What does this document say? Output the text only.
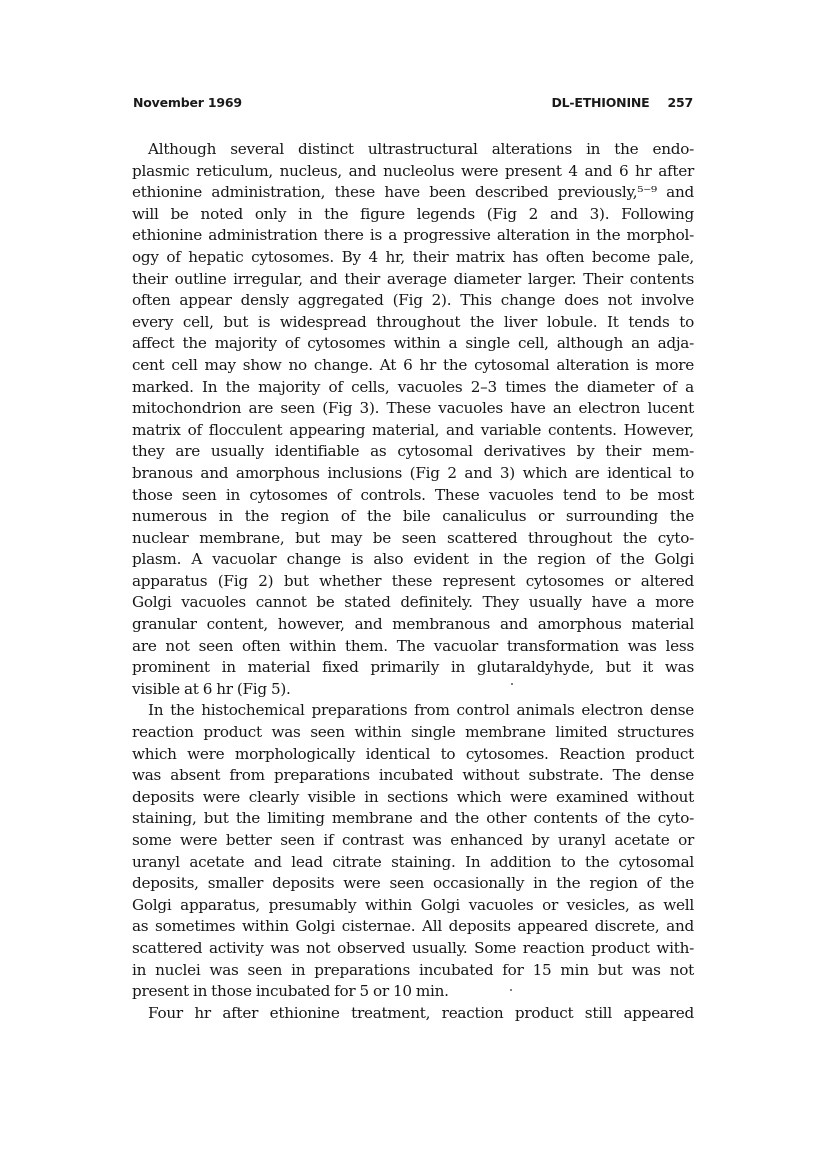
November 1969	DL-ETHIONINE 257
Although several distinct ultrastructural alterations in the endo-
plasmic reticulum, nucleus, and nucleolus were present 4 and 6 hr after
ethionine administration, these have been described previously,⁵⁻⁹ and
will be noted only in the figure legends (Fig 2 and 3). Following
ethionine administration there is a progressive alteration in the morphol-
ogy of hepatic cytosomes. By 4 hr, their matrix has often become pale,
their outline irregular, and their average diameter larger. Their contents
often appear densly aggregated (Fig 2). This change does not involve
every cell, but is widespread throughout the liver lobule. It tends to
affect the majority of cytosomes within a single cell, although an adja-
cent cell may show no change. At 6 hr the cytosomal alteration is more
marked. In the majority of cells, vacuoles 2–3 times the diameter of a
mitochondrion are seen (Fig 3). These vacuoles have an electron lucent
matrix of flocculent appearing material, and variable contents. However,
they are usually identifiable as cytosomal derivatives by their mem-
branous and amorphous inclusions (Fig 2 and 3) which are identical to
those seen in cytosomes of controls. These vacuoles tend to be most
numerous in the region of the bile canaliculus or surrounding the
nuclear membrane, but may be seen scattered throughout the cyto-
plasm. A vacuolar change is also evident in the region of the Golgi
apparatus (Fig 2) but whether these represent cytosomes or altered
Golgi vacuoles cannot be stated definitely. They usually have a more
granular content, however, and membranous and amorphous material
are not seen often within them. The vacuolar transformation was less
prominent in material fixed primarily in glutaraldyhyde, but it was
visible at 6 hr (Fig 5).
In the histochemical preparations from control animals electron dense
reaction product was seen within single membrane limited structures
which were morphologically identical to cytosomes. Reaction product
was absent from preparations incubated without substrate. The dense
deposits were clearly visible in sections which were examined without
staining, but the limiting membrane and the other contents of the cyto-
some were better seen if contrast was enhanced by uranyl acetate or
uranyl acetate and lead citrate staining. In addition to the cytosomal
deposits, smaller deposits were seen occasionally in the region of the
Golgi apparatus, presumably within Golgi vacuoles or vesicles, as well
as sometimes within Golgi cisternae. All deposits appeared discrete, and
scattered activity was not observed usually. Some reaction product with-
in nuclei was seen in preparations incubated for 15 min but was not
present in those incubated for 5 or 10 min.
Four hr after ethionine treatment, reaction product still appeared
